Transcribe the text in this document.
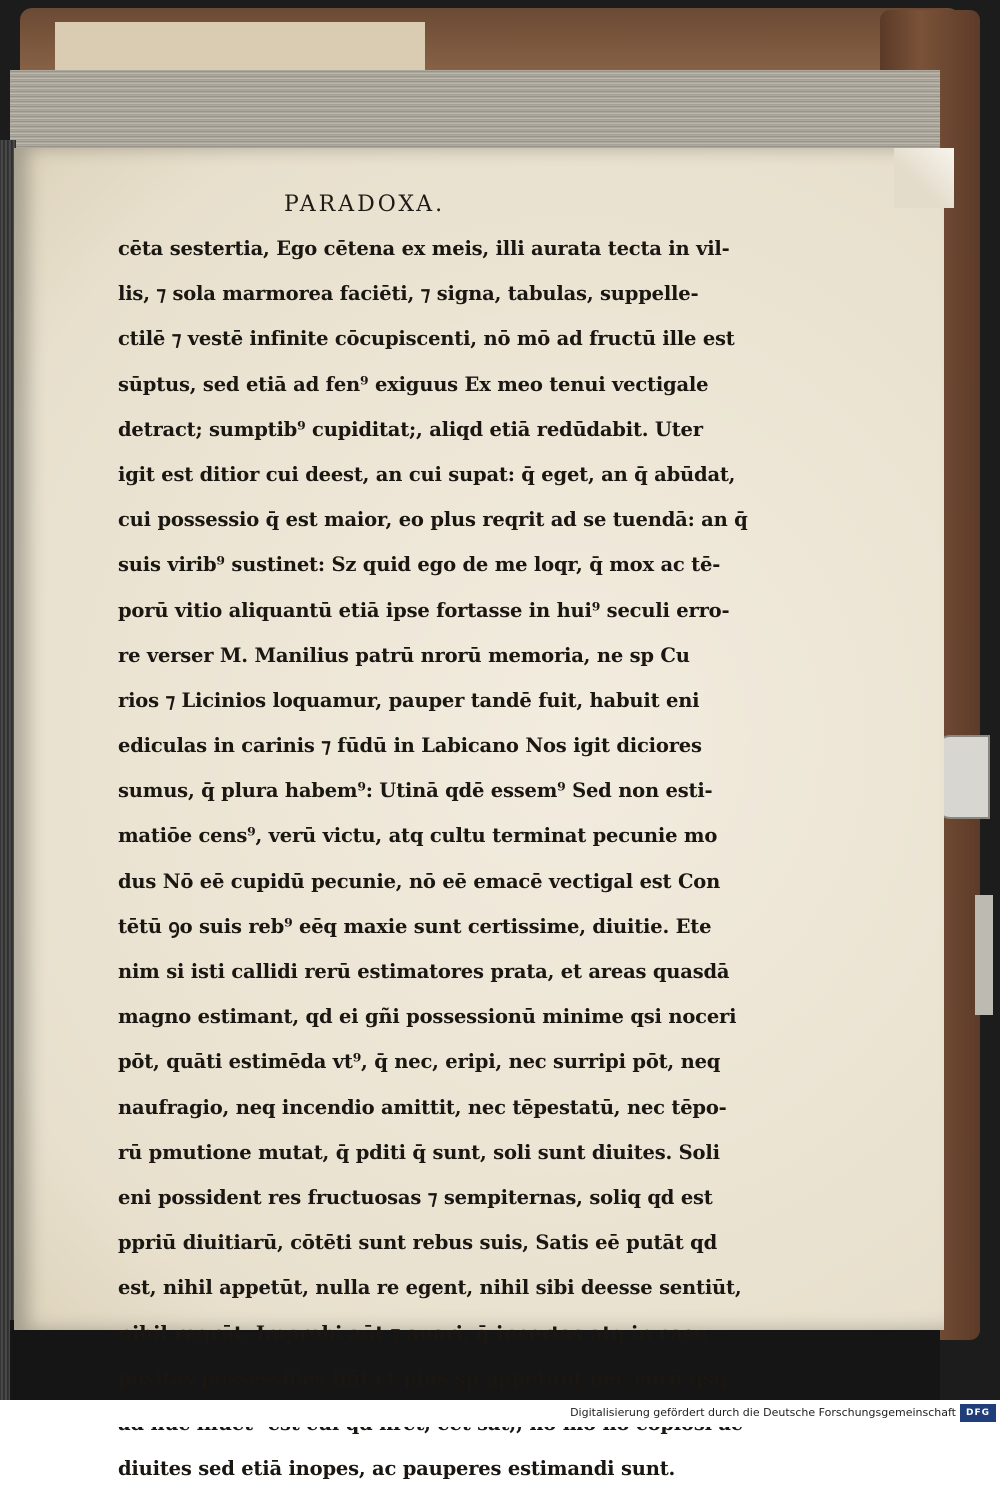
PARADOXA.
cēta sestertia, Ego cētena ex meis, illi aurata tecta in vil-
lis, ⁊ sola marmorea faciēti, ⁊ signa, tabulas, suppelle-
ctilē ⁊ vestē infinite cōcupiscenti, nō mō ad fructū ille est
sūptus, sed etiā ad fen⁹ exiguus Ex meo tenui vectigale
detract; sumptib⁹ cupiditat;, aliqd etiā redūdabit. Uter
igit est ditior cui deest, an cui supat: q̄ eget, an q̄ abūdat,
cui possessio q̄ est maior, eo plus reqrit ad se tuendā: an q̄
suis virib⁹ sustinet: Sz quid ego de me loqr, q̄ mox ac tē-
porū vitio aliquantū etiā ipse fortasse in hui⁹ seculi erro-
re verser M. Manilius patrū nrorū memoria, ne sp Cu
rios ⁊ Licinios loquamur, pauper tandē fuit, habuit eni
ediculas in carinis ⁊ fūdū in Labicano Nos igit diciores
sumus, q̄ plura habem⁹: Utinā qdē essem⁹ Sed non esti-
matiōe cens⁹, verū victu, atq cultu terminat pecunie mo
dus Nō eē cupidū pecunie, nō eē emacē vectigal est Con
tētū ꝯo suis reb⁹ eēq maxie sunt certissime, diuitie. Ete
nim si isti callidi rerū estimatores prata, et areas quasdā
magno estimant, qd ei gñi possessionū minime qsi noceri
pōt, quāti estimēda vt⁹, q̄ nec, eripi, nec surripi pōt, neq
naufragio, neq incendio amittit, nec tēpestatū, nec tēpo-
rū pmutione mutat, q̄ pditi q̄ sunt, soli sunt diuites. Soli
eni possident res fructuosas ⁊ sempiternas, soliq qd est
ppriū diuitiarū, cōtēti sunt rebus suis, Satis eē putāt qd
est, nihil appetūt, nulla re egent, nihil sibi deesse sentiūt,
nihil reqrūt. Improbi aūt ⁊ auari, q̄ incertas atq in casu
positas possessiōes hñt et plus sp appetunt nec eorū qsq
diuites sed etiā inopes, ac pauperes estimandi sunt.
Digitalisierung gefördert durch die Deutsche Forschungsgemeinschaft	DFG
